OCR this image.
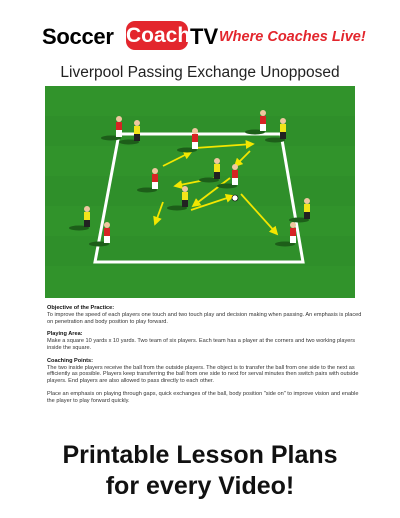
Soccer Coach TV Where Coaches Live!
Liverpool Passing Exchange Unopposed
Objective of the Practice:
To improve the speed of each players one touch and two touch play and decision making when passing. An emphasis is placed on penetration and body position to play forward.
Playing Area:
Make a square 10 yards x 10 yards. Two team of six players. Each team has a player at the corners and two working players inside the square.
Coaching Points:
The two inside players receive the ball from the outside players. The object is to transfer the ball from one side to the next as efficiently as possible. Players keep transferring the ball from one side to next for serval minutes then switch pairs with outside players. End players are also allowed to pass directly to each other.
Place an emphasis on playing through gaps, quick exchanges of the ball, body position "side on" to improve vision and enable the player to play forward quickly.
Printable Lesson Plans
for every Video!
